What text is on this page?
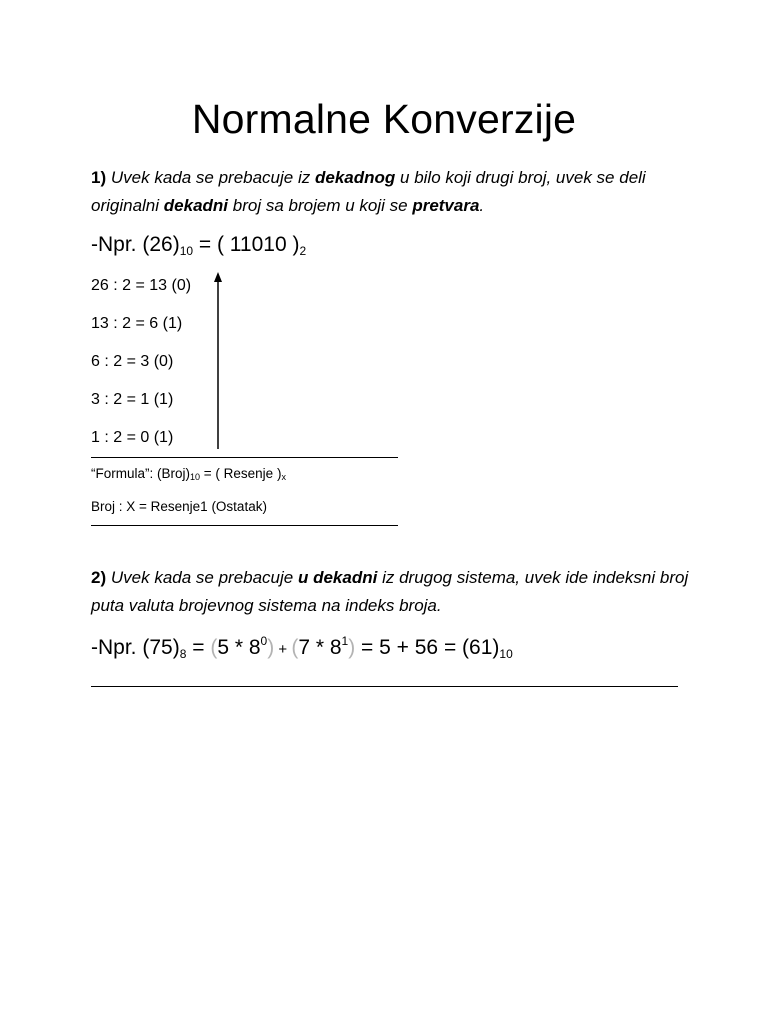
Normalne Konverzije
1) Uvek kada se prebacuje iz dekadnog u bilo koji drugi broj, uvek se deli originalni dekadni broj sa brojem u koji se pretvara.
-Npr. $(26)_{10}$ = ( 11010 )$_2$
26 : 2 = 13 (0)
13 : 2 = 6 (1)
6 : 2 = 3 (0)
3 : 2 = 1 (1)
1 : 2 = 0 (1)
“Formula”: $(Broj)_{10}$ = ( Resenje )$_x$
Broj : X = Resenje1 (Ostatak)
2) Uvek kada se prebacuje u dekadni iz drugog sistema, uvek ide indeksni broj puta valuta brojevnog sistema na indeks broja.
-Npr. $(75)_8 = (5 * 8^0) + (7 * 8^1) = 5 + 56 = (61)_{10}$
